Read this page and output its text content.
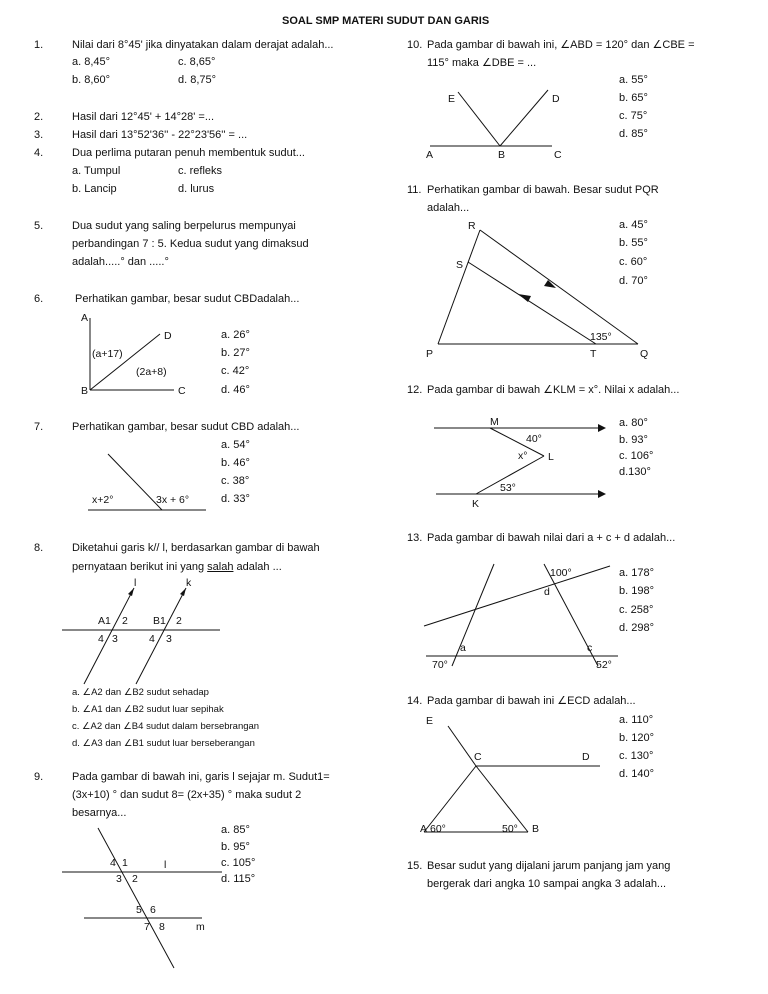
SOAL SMP MATERI SUDUT DAN GARIS
1.	Nilai dari 8°45' jika dinyatakan dalam derajat adalah...
a. 8,45°	c. 8,65°
b. 8,60°	d. 8,75°
2.	Hasil dari 12°45' + 14°28' =...
3.	Hasil dari 13°52'36'' - 22°23'56'' = ...
4.	Dua perlima putaran penuh membentuk sudut...
a. Tumpul	c. refleks
b. Lancip	d. lurus
5.	Dua sudut yang saling berpelurus mempunyai
perbandingan 7 : 5. Kedua sudut yang dimaksud
adalah.....° dan .....°
6.	Perhatikan gambar, besar sudut CBDadalah...
A
B	C
D
(a+17)
(2a+8)
a. 26°
b. 27°
c. 42°
d. 46°
7.	Perhatikan gambar, besar sudut CBD adalah...
x+2°	3x + 6°
a. 54°
b. 46°
c. 38°
d. 33°
8.	Diketahui garis k// l, berdasarkan gambar di bawah
pernyataan berikut ini yang salah adalah ...
l	k
A1 2
4 3
B1 2
4 3
a. ∠A2 dan ∠B2 sudut sehadap
b. ∠A1 dan ∠B2 sudut luar sepihak
c. ∠A2 dan ∠B4 sudut dalam bersebrangan
d. ∠A3 dan ∠B1 sudut luar berseberangan
9.	Pada gambar di bawah ini, garis l sejajar m. Sudut1=
(3x+10) ° dan sudut 8= (2x+35) ° maka sudut 2
besarnya...
4 1
3 2
l
5 6
7 8	m
a. 85°
b. 95°
c. 105°
d. 115°
10. Pada gambar di bawah ini, ∠ABD = 120° dan ∠CBE =
115° maka ∠DBE = ...
E	D
A	B	C
a. 55°
b. 65°
c. 75°
d. 85°
11. Perhatikan gambar di bawah. Besar sudut PQR
adalah...
R
S
P	T	Q
135°
a. 45°
b. 55°
c. 60°
d. 70°
12. Pada gambar di bawah ∠KLM = x°. Nilai x adalah...
M
40°
x° L
53°
K
a. 80°
b. 93°
c. 106°
d.130°
13. Pada gambar di bawah nilai dari a + c + d adalah...
100°
d
a	c
70°	52°
a. 178°
b. 198°
c. 258°
d. 298°
14. Pada gambar di bawah ini ∠ECD adalah...
E
C	D
A 60°	50° B
a. 110°
b. 120°
c. 130°
d. 140°
15. Besar sudut yang dijalani jarum panjang jam yang
bergerak dari angka 10 sampai angka 3 adalah...
